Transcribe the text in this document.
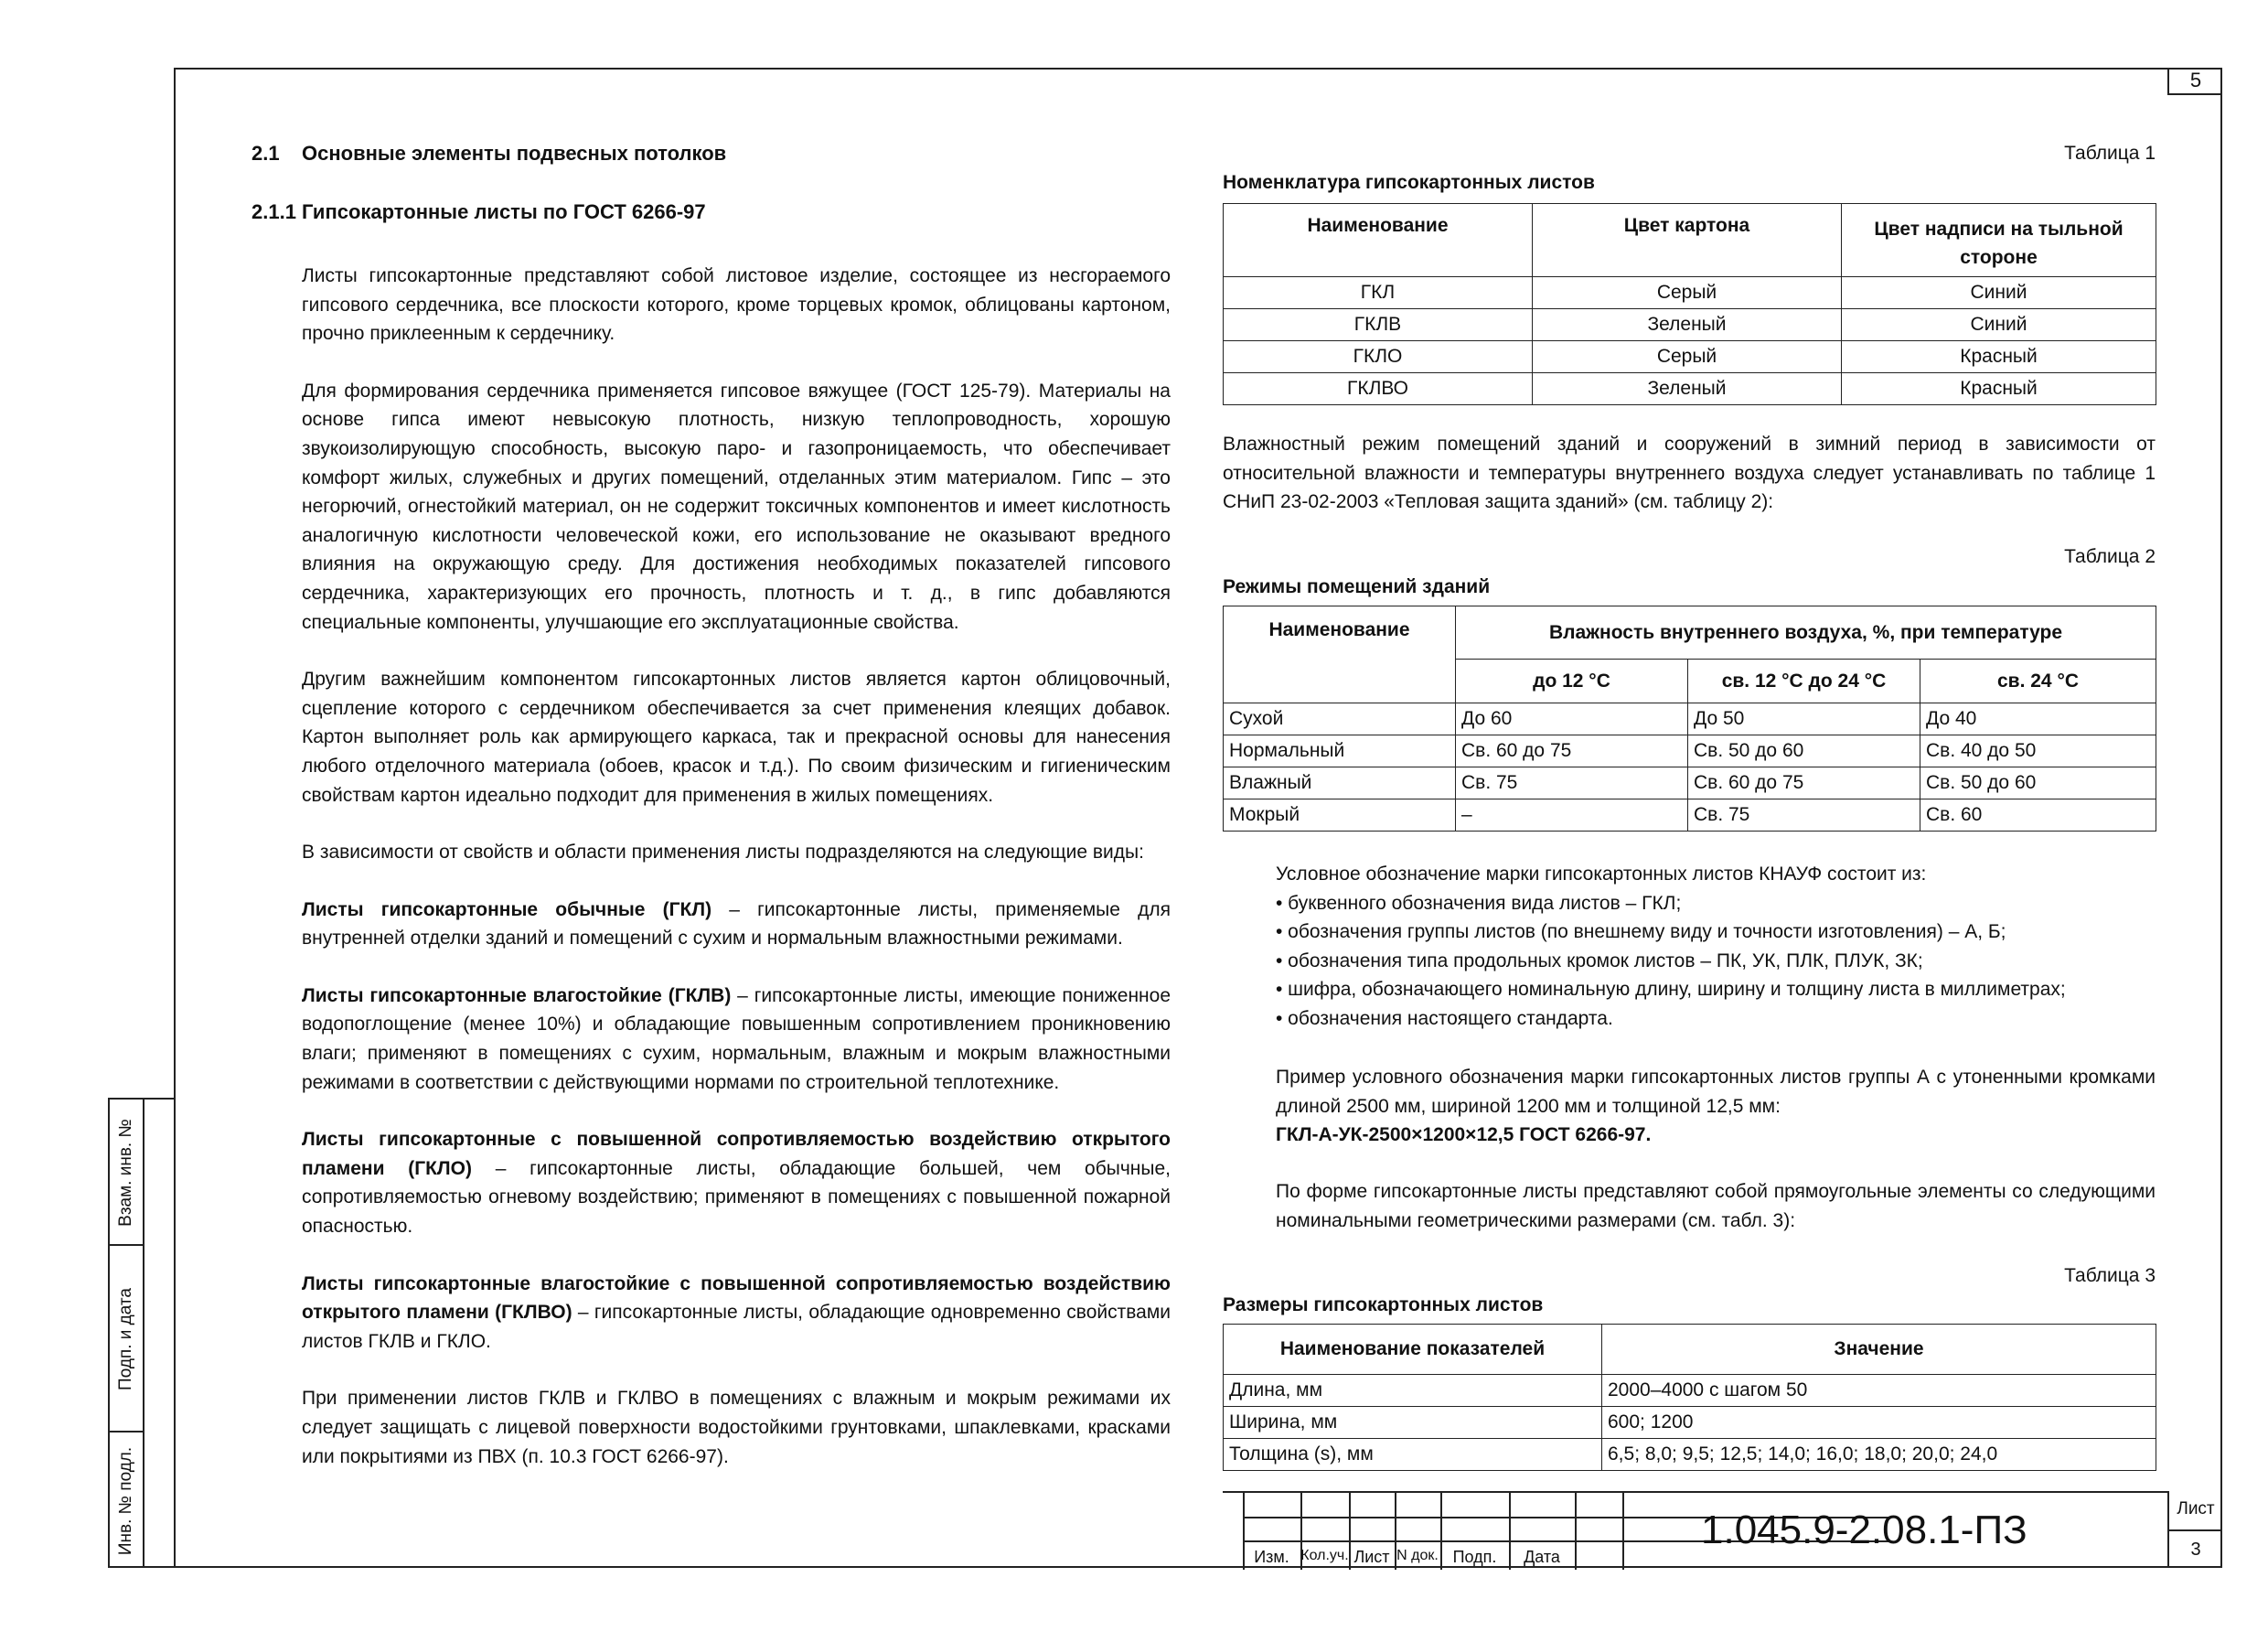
5
Взам. инв. №
Подп. и дата
Инв. № подл.
2.1 Основные элементы подвесных потолков
2.1.1 Гипсокартонные листы по ГОСТ 6266-97

Листы гипсокартонные представляют собой листовое изделие, состоящее из несгораемого гипсового сердечника, все плоскости которого, кроме торцевых кромок, облицованы картоном, прочно приклеенным к сердечнику.

Для формирования сердечника применяется гипсовое вяжущее (ГОСТ 125-79). Материалы на основе гипса имеют невысокую плотность, низкую теплопроводность, хорошую звукоизолирующую способность, высокую паро- и газопроницаемость, что обеспечивает комфорт жилых, служебных и других помещений, отделанных этим материалом. Гипс – это негорючий, огнестойкий материал, он не содержит токсичных компонентов и имеет кислотность аналогичную кислотности человеческой кожи, его использование не оказывают вредного влияния на окружающую среду. Для достижения необходимых показателей гипсового сердечника, характеризующих его прочность, плотность и т. д., в гипс добавляются специальные компоненты, улучшающие его эксплуатационные свойства.

Другим важнейшим компонентом гипсокартонных листов является картон облицовочный, сцепление которого с сердечником обеспечивается за счет применения клеящих добавок. Картон выполняет роль как армирующего каркаса, так и прекрасной основы для нанесения любого отделочного материала (обоев, красок и т.д.). По своим физическим и гигиеническим свойствам картон идеально подходит для применения в жилых помещениях.

В зависимости от свойств и области применения листы подразделяются на следующие виды:

Листы гипсокартонные обычные (ГКЛ) – гипсокартонные листы, применяемые для внутренней отделки зданий и помещений с сухим и нормальным влажностными режимами.

Листы гипсокартонные влагостойкие (ГКЛВ) – гипсокартонные листы, имеющие пониженное водопоглощение (менее 10%) и обладающие повышенным сопротивлением проникновению влаги; применяют в помещениях с сухим, нормальным, влажным и мокрым влажностными режимами в соответствии с действующими нормами по строительной теплотехнике.

Листы гипсокартонные с повышенной сопротивляемостью воздействию открытого пламени (ГКЛО) – гипсокартонные листы, обладающие большей, чем обычные, сопротивляемостью огневому воздействию; применяют в помещениях с повышенной пожарной опасностью.

Листы гипсокартонные влагостойкие с повышенной сопротивляемостью воздействию открытого пламени (ГКЛВО) – гипсокартонные листы, обладающие одновременно свойствами листов ГКЛВ и ГКЛО.

При применении листов ГКЛВ и ГКЛВО в помещениях с влажным и мокрым режимами их следует защищать с лицевой поверхности водостойкими грунтовками, шпаклевками, красками или покрытиями из ПВХ (п. 10.3 ГОСТ 6266-97).

Таблица 1
Номенклатура гипсокартонных листов
Наименование	Цвет картона	Цвет надписи на тыльной стороне
ГКЛ	Серый	Синий
ГКЛВ	Зеленый	Синий
ГКЛО	Серый	Красный
ГКЛВО	Зеленый	Красный

Влажностный режим помещений зданий и сооружений в зимний период в зависимости от относительной влажности и температуры внутреннего воздуха следует устанавливать по таблице 1 СНиП 23-02-2003 «Тепловая защита зданий» (см. таблицу 2):

Таблица 2
Режимы помещений зданий
Наименование	Влажность внутреннего воздуха, %, при температуре		
	до 12 °С	св. 12 °С до 24 °С	св. 24 °С
Сухой	До 60	До 50	До 40
Нормальный	Св. 60 до 75	Св. 50 до 60	Св. 40 до 50
Влажный	Св. 75	Св. 60 до 75	Св. 50 до 60
Мокрый	–	Св. 75	Св. 60

Условное обозначение марки гипсокартонных листов КНАУФ состоит из:

• буквенного обозначения вида листов – ГКЛ;

• обозначения группы листов (по внешнему виду и точности изготовления) – А, Б;

• обозначения типа продольных кромок листов – ПК, УК, ПЛК, ПЛУК, ЗК;

• шифра, обозначающего номинальную длину, ширину и толщину листа в миллиметрах;

• обозначения настоящего стандарта.

Пример условного обозначения марки гипсокартонных листов группы А с утоненными кромками длиной 2500 мм, шириной 1200 мм и толщиной 12,5 мм:

ГКЛ-А-УК-2500×1200×12,5 ГОСТ 6266-97.

По форме гипсокартонные листы представляют собой прямоугольные элементы со следующими номинальными геометрическими размерами (см. табл. 3):

Таблица 3
Размеры гипсокартонных листов
Наименование показателей	Значение
Длина, мм	2000–4000 с шагом 50
Ширина, мм	600; 1200
Толщина (s), мм	6,5; 8,0; 9,5; 12,5; 14,0; 16,0; 18,0; 20,0; 24,0
Изм. Кол.уч. Лист N док. Подп.	Дата
1.045.9-2.08.1-ПЗ	Лист
3
